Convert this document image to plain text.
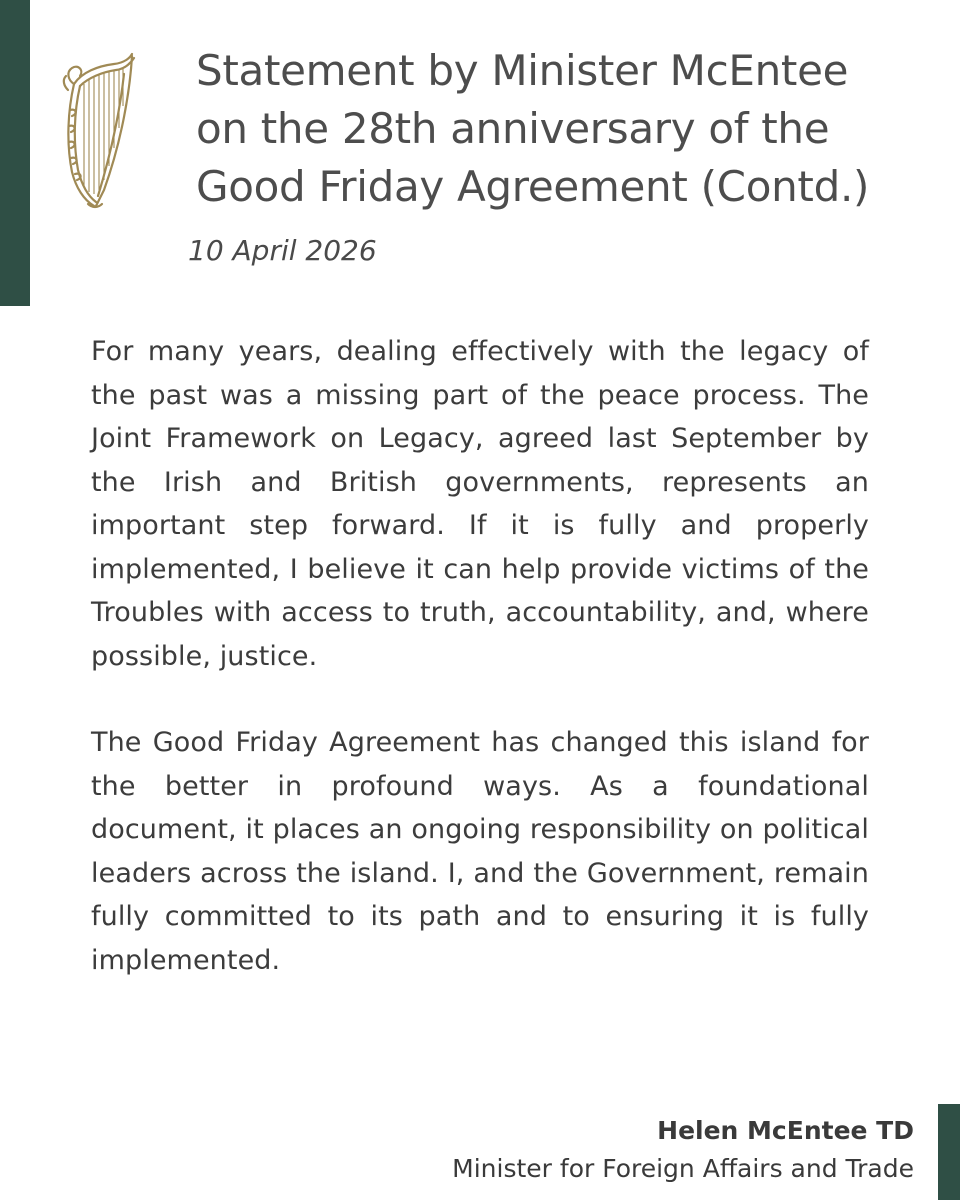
Statement by Minister McEntee
on the 28th anniversary of the
Good Friday Agreement (Contd.)

10 April 2026

For many years, dealing effectively with the legacy of the past was a missing part of the peace process. The Joint Framework on Legacy, agreed last September by the Irish and British governments, represents an important step forward. If it is fully and properly implemented, I believe it can help provide victims of the Troubles with access to truth, accountability, and, where possible, justice.

The Good Friday Agreement has changed this island for the better in profound ways. As a foundational document, it places an ongoing responsibility on political leaders across the island. I, and the Government, remain fully committed to its path and to ensuring it is fully implemented.

Helen McEntee TD
Minister for Foreign Affairs and Trade
